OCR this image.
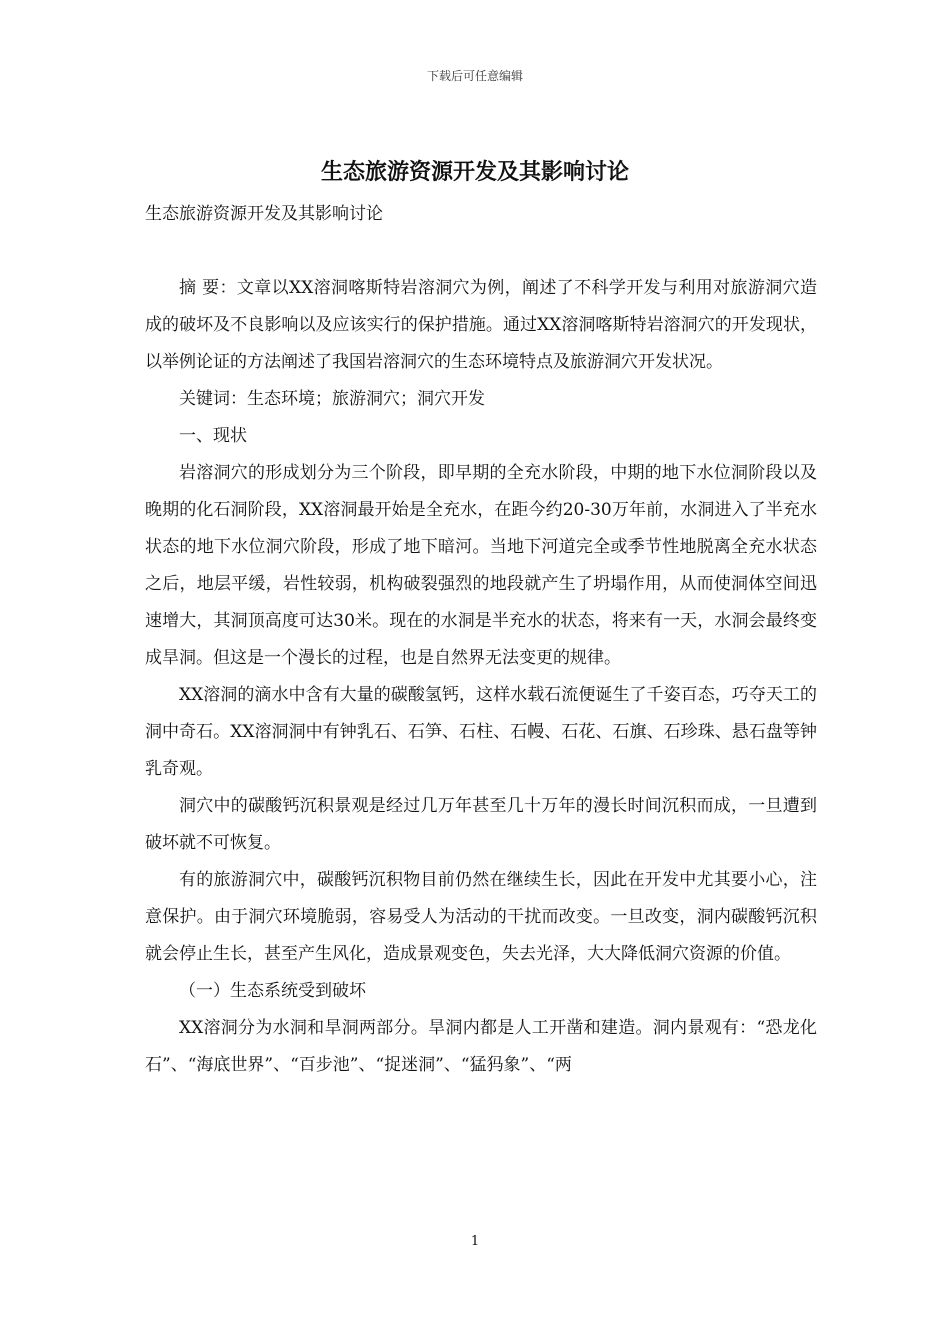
下载后可任意编辑
生态旅游资源开发及其影响讨论

生态旅游资源开发及其影响讨论

摘 要：文章以XX溶洞喀斯特岩溶洞穴为例，阐述了不科学开发与利用对旅游洞穴造成的破坏及不良影响以及应该实行的保护措施。通过XX溶洞喀斯特岩溶洞穴的开发现状，以举例论证的方法阐述了我国岩溶洞穴的生态环境特点及旅游洞穴开发状况。

关键词：生态环境；旅游洞穴；洞穴开发

一、现状

岩溶洞穴的形成划分为三个阶段，即早期的全充水阶段，中期的地下水位洞阶段以及晚期的化石洞阶段，XX溶洞最开始是全充水，在距今约20-30万年前，水洞进入了半充水状态的地下水位洞穴阶段，形成了地下暗河。当地下河道完全或季节性地脱离全充水状态之后，地层平缓，岩性较弱，机构破裂强烈的地段就产生了坍塌作用，从而使洞体空间迅速增大，其洞顶高度可达30米。现在的水洞是半充水的状态，将来有一天，水洞会最终变成旱洞。但这是一个漫长的过程，也是自然界无法变更的规律。

XX溶洞的滴水中含有大量的碳酸氢钙，这样水载石流便诞生了千姿百态，巧夺天工的洞中奇石。XX溶洞洞中有钟乳石、石笋、石柱、石幔、石花、石旗、石珍珠、悬石盘等钟乳奇观。

洞穴中的碳酸钙沉积景观是经过几万年甚至几十万年的漫长时间沉积而成，一旦遭到破坏就不可恢复。

有的旅游洞穴中，碳酸钙沉积物目前仍然在继续生长，因此在开发中尤其要小心，注意保护。由于洞穴环境脆弱，容易受人为活动的干扰而改变。一旦改变，洞内碳酸钙沉积就会停止生长，甚至产生风化，造成景观变色，失去光泽，大大降低洞穴资源的价值。

（一）生态系统受到破坏

XX溶洞分为水洞和旱洞两部分。旱洞内都是人工开凿和建造。洞内景观有：“恐龙化石”、“海底世界”、“百步池”、“捉迷洞”、“猛犸象”、“两

1
